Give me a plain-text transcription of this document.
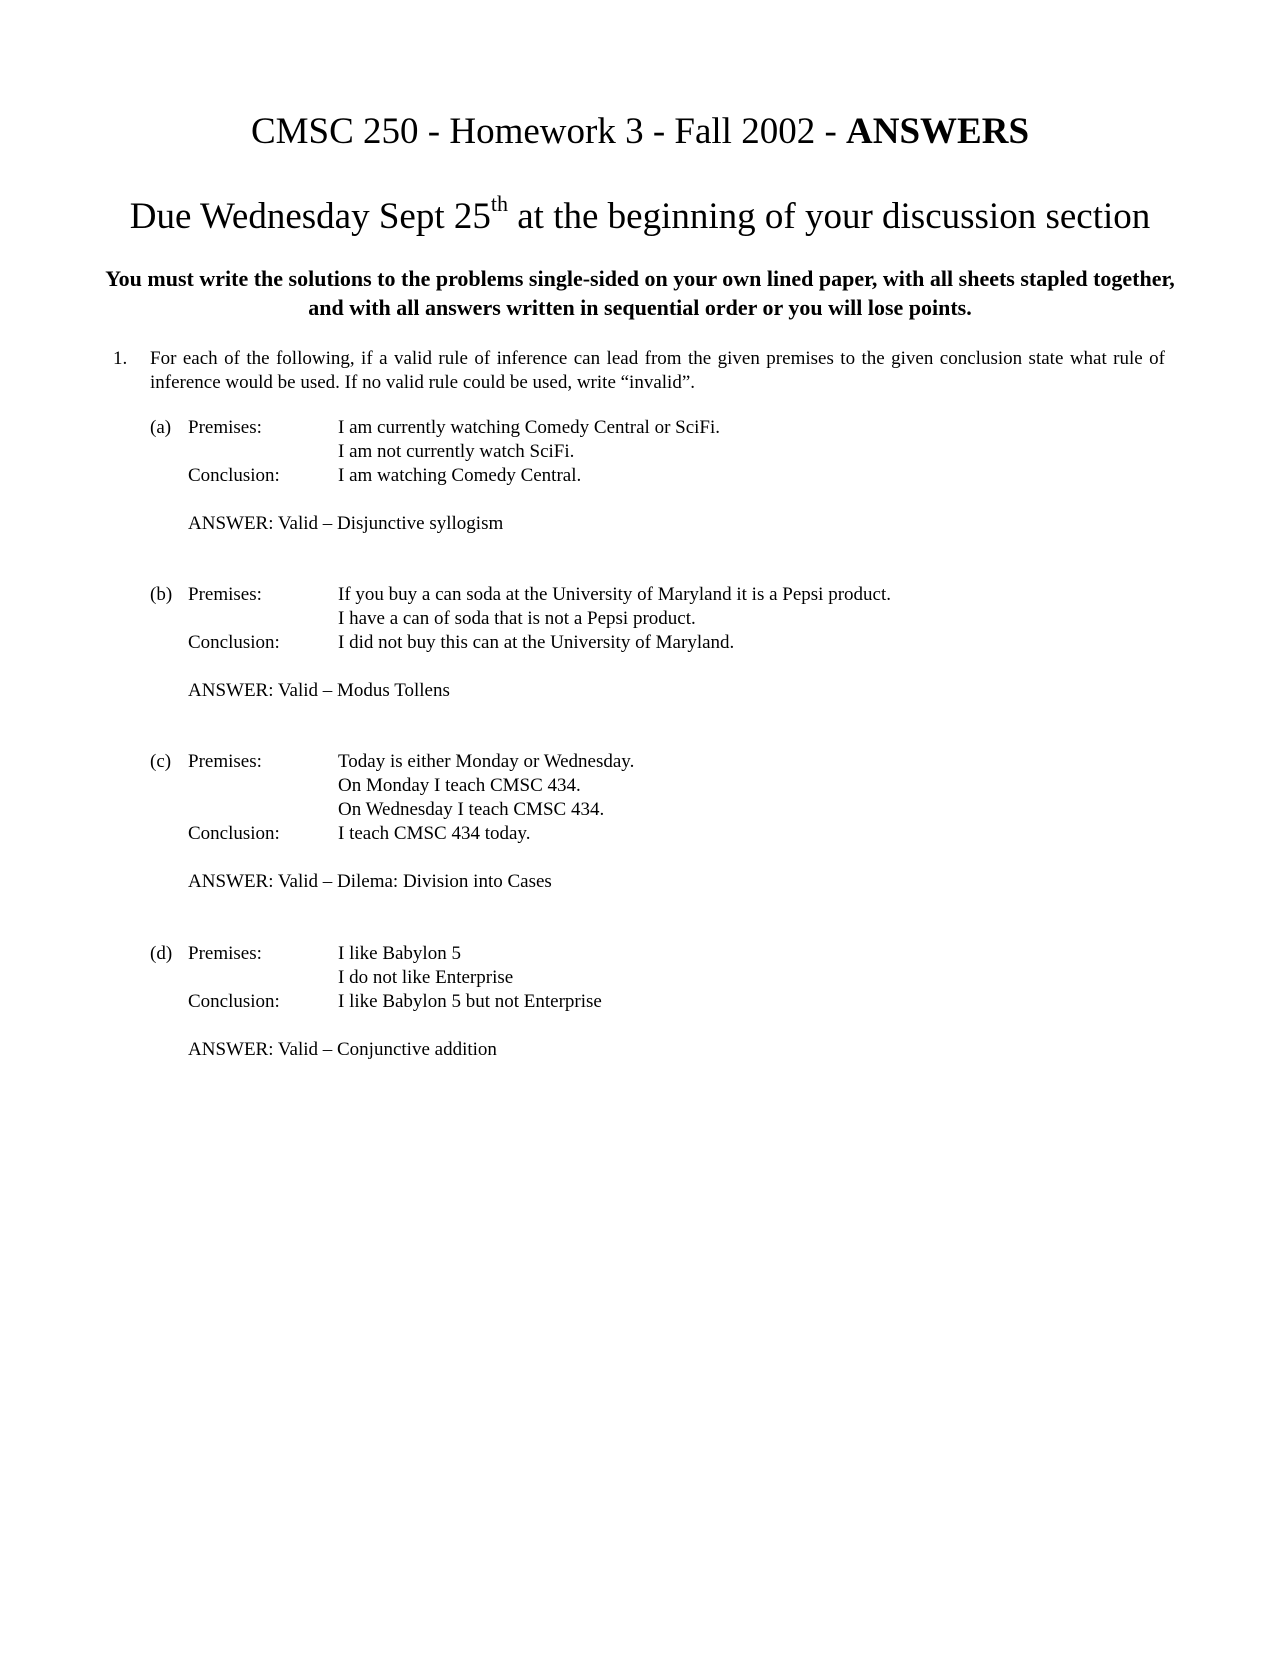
CMSC 250 - Homework 3 - Fall 2002 - ANSWERS
Due Wednesday Sept 25th at the beginning of your discussion section
You must write the solutions to the problems single-sided on your own lined paper, with all sheets stapled together, and with all answers written in sequential order or you will lose points.
1. For each of the following, if a valid rule of inference can lead from the given premises to the given conclusion state what rule of inference would be used. If no valid rule could be used, write “invalid”.
(a) Premises:	I am currently watching Comedy Central or SciFi.
I am not currently watch SciFi.
Conclusion:	I am watching Comedy Central.
ANSWER: Valid – Disjunctive syllogism
(b) Premises:	If you buy a can soda at the University of Maryland it is a Pepsi product.
I have a can of soda that is not a Pepsi product.
Conclusion:	I did not buy this can at the University of Maryland.
ANSWER: Valid – Modus Tollens
(c) Premises:	Today is either Monday or Wednesday.
On Monday I teach CMSC 434.
On Wednesday I teach CMSC 434.
Conclusion:	I teach CMSC 434 today.
ANSWER: Valid – Dilema: Division into Cases
(d) Premises:	I like Babylon 5
I do not like Enterprise
Conclusion:	I like Babylon 5 but not Enterprise
ANSWER: Valid – Conjunctive addition
